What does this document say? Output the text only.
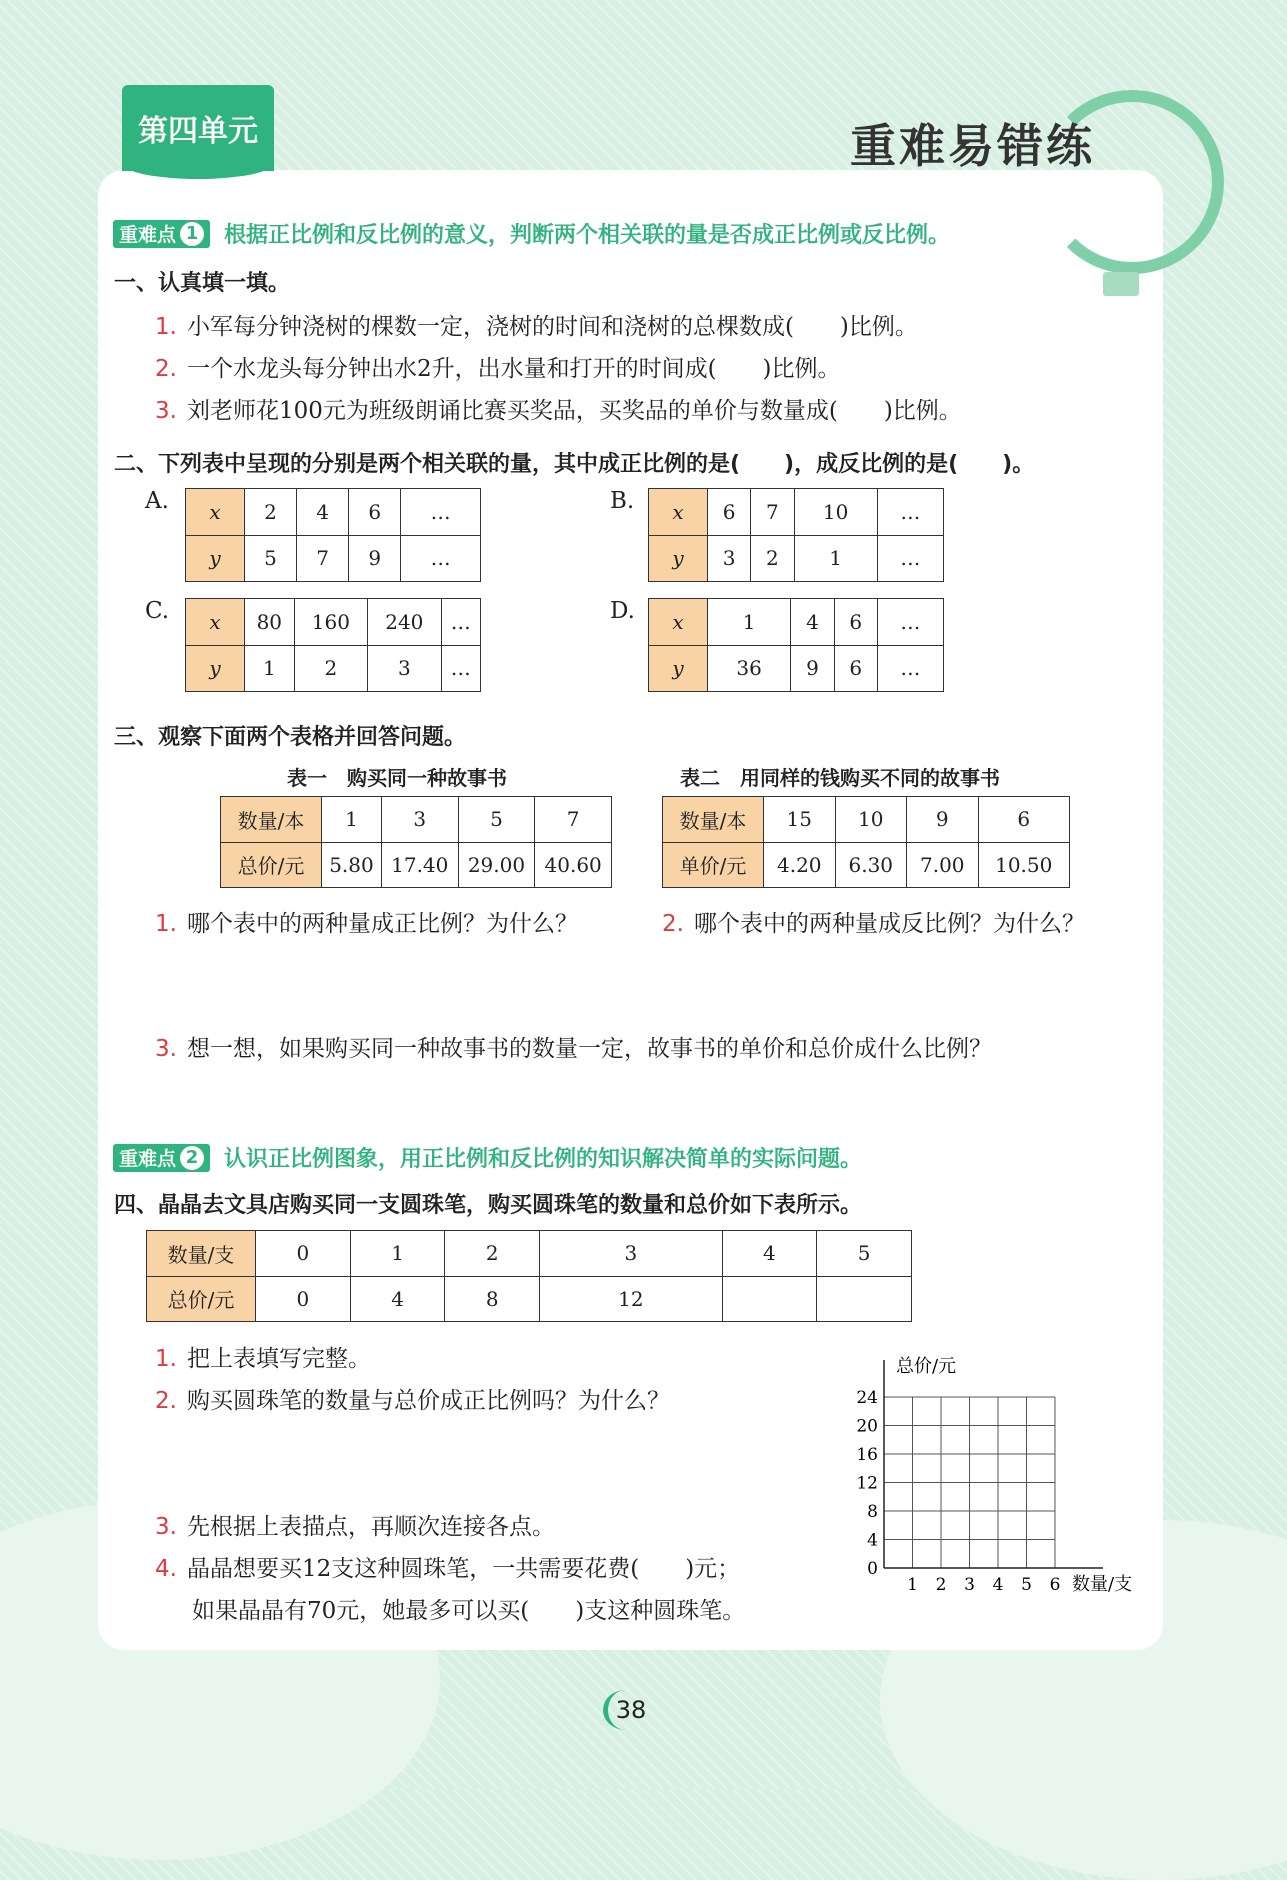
第四单元	重难易错练
重难点 1 根据正比例和反比例的意义，判断两个相关联的量是否成正比例或反比例。
一、认真填一填。
1. 小军每分钟浇树的棵数一定，浇树的时间和浇树的总棵数成(　　)比例。
2. 一个水龙头每分钟出水2升，出水量和打开的时间成(　　)比例。
3. 刘老师花100元为班级朗诵比赛买奖品，买奖品的单价与数量成(　　)比例。
二、下列表中呈现的分别是两个相关联的量，其中成正比例的是(　　)，成反比例的是(　　)。
A. x	2	4	6	…
y	5	7	9	…
B. x	6	7	10	…
y	3	2	1	…
C. x	80	160	240	…
y	1	2	3	…
D. x	1	4	6	…
y	36	9	6	…
三、观察下面两个表格并回答问题。
表一　购买同一种故事书	表二　用同样的钱购买不同的故事书
数量/本	1	3	5	7
总价/元	5.80	17.40	29.00	40.60
数量/本	15	10	9	6
单价/元	4.20	6.30	7.00	10.50
1. 哪个表中的两种量成正比例？为什么？	2. 哪个表中的两种量成反比例？为什么？
3. 想一想，如果购买同一种故事书的数量一定，故事书的单价和总价成什么比例？
重难点 2 认识正比例图象，用正比例和反比例的知识解决简单的实际问题。
四、晶晶去文具店购买同一支圆珠笔，购买圆珠笔的数量和总价如下表所示。
数量/支	0	1	2	3	4	5
总价/元	0	4	8	12		
1. 把上表填写完整。
2. 购买圆珠笔的数量与总价成正比例吗？为什么？
3. 先根据上表描点，再顺次连接各点。
4. 晶晶想要买12支这种圆珠笔，一共需要花费(　　)元；
如果晶晶有70元，她最多可以买(　　)支这种圆珠笔。
总价/元
数量/支
0
4
8
12
16
20
24
1 2 3 4 5 6
38
